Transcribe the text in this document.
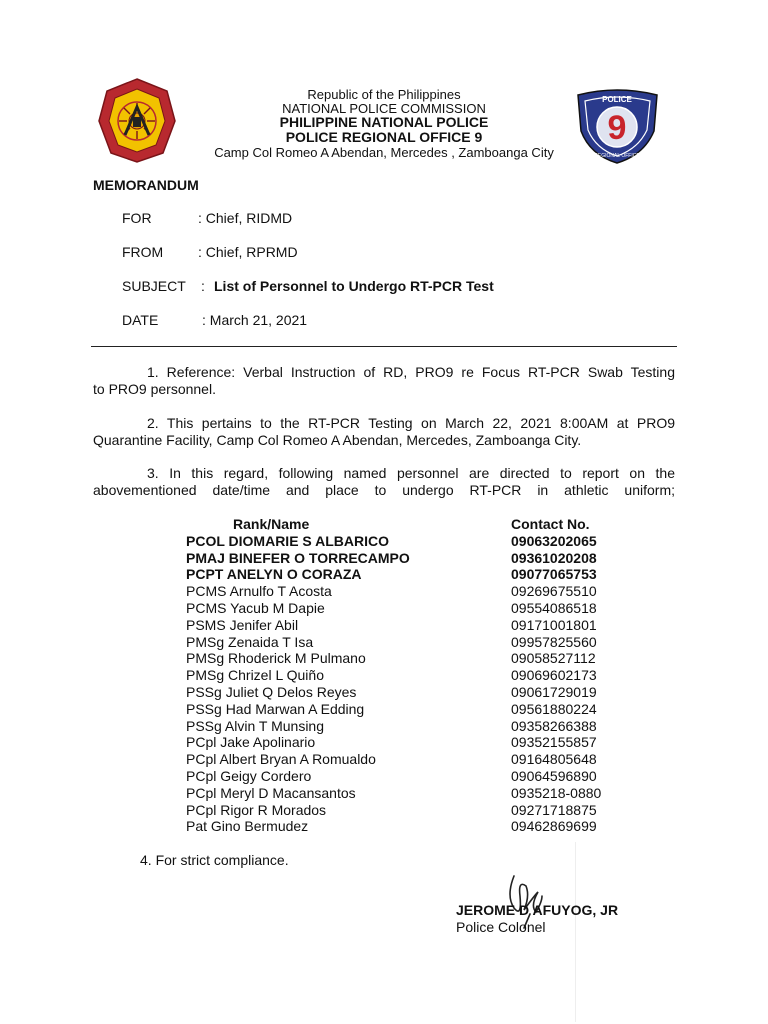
POLICE
9
REGIONAL OFFICE
Republic of the Philippines
NATIONAL POLICE COMMISSION
PHILIPPINE NATIONAL POLICE
POLICE REGIONAL OFFICE 9
Camp Col Romeo A Abendan, Mercedes , Zamboanga City
MEMORANDUM
FOR	: Chief, RIDMD
FROM : Chief, RPRMD
SUBJECT : List of Personnel to Undergo RT-PCR Test
DATE	: March 21, 2021
1. Reference: Verbal Instruction of RD, PRO9 re Focus RT-PCR Swab Testing
to PRO9 personnel.
2. This pertains to the RT-PCR Testing on March 22, 2021 8:00AM at PRO9
Quarantine Facility, Camp Col Romeo A Abendan, Mercedes, Zamboanga City.
3. In this regard, following named personnel are directed to report on the
abovementioned date/time and place to undergo RT-PCR in athletic uniform;
Rank/Name	Contact No.
PCOL DIOMARIE S ALBARICO	09063202065
PMAJ BINEFER O TORRECAMPO	09361020208
PCPT ANELYN O CORAZA	09077065753
PCMS Arnulfo T Acosta	09269675510
PCMS Yacub M Dapie	09554086518
PSMS Jenifer Abil	09171001801
PMSg Zenaida T Isa	09957825560
PMSg Rhoderick M Pulmano	09058527112
PMSg Chrizel L Quiño	09069602173
PSSg Juliet Q Delos Reyes	09061729019
PSSg Had Marwan A Edding	09561880224
PSSg Alvin T Munsing	09358266388
PCpl Jake Apolinario	09352155857
PCpl Albert Bryan A Romualdo	09164805648
PCpl Geigy Cordero	09064596890
PCpl Meryl D Macansantos	0935218-0880
PCpl Rigor R Morados	09271718875
Pat Gino Bermudez	09462869699
4. For strict compliance.
JEROME D AFUYOG, JR
Police Colonel
